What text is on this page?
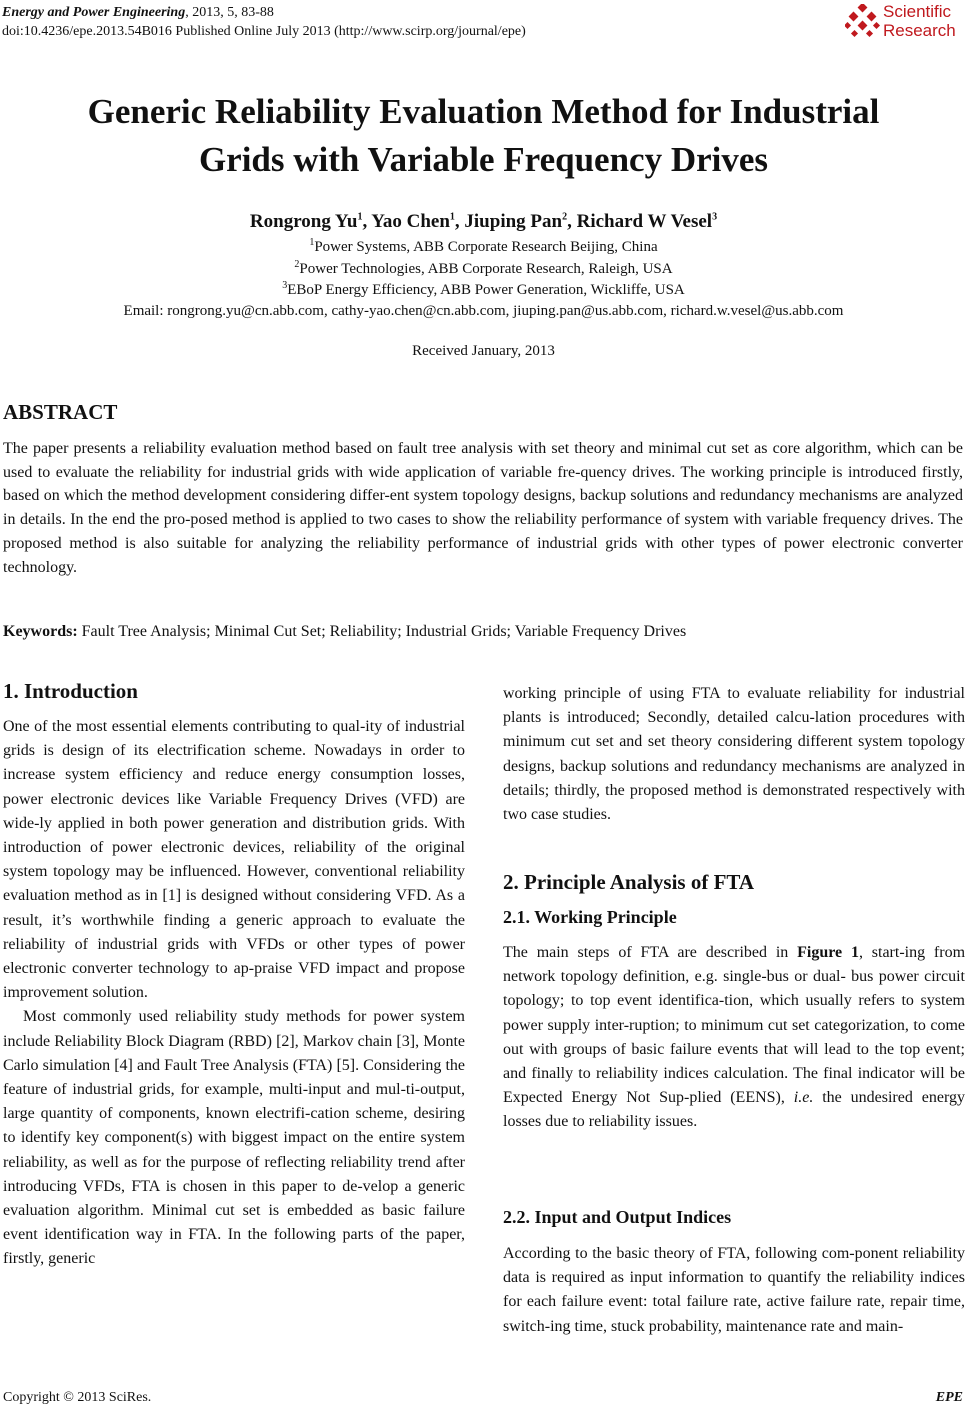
Energy and Power Engineering, 2013, 5, 83-88
doi:10.4236/epe.2013.54B016 Published Online July 2013 (http://www.scirp.org/journal/epe)
Scientific
Research
Generic Reliability Evaluation Method for Industrial
Grids with Variable Frequency Drives
Rongrong Yu$^1$, Yao Chen$^1$, Jiuping Pan$^2$, Richard W Vesel$^3$
$^1$Power Systems, ABB Corporate Research Beijing, China
$^2$Power Technologies, ABB Corporate Research, Raleigh, USA
$^3$EBoP Energy Efficiency, ABB Power Generation, Wickliffe, USA
Email: rongrong.yu@cn.abb.com, cathy-yao.chen@cn.abb.com, jiuping.pan@us.abb.com, richard.w.vesel@us.abb.com
Received January, 2013
ABSTRACT
The paper presents a reliability evaluation method based on fault tree analysis with set theory and minimal cut set as core algorithm, which can be used to evaluate the reliability for industrial grids with wide application of variable fre-quency drives. The working principle is introduced firstly, based on which the method development considering differ-ent system topology designs, backup solutions and redundancy mechanisms are analyzed in details. In the end the pro-posed method is applied to two cases to show the reliability performance of system with variable frequency drives. The proposed method is also suitable for analyzing the reliability performance of industrial grids with other types of power electronic converter technology.
Keywords: Fault Tree Analysis; Minimal Cut Set; Reliability; Industrial Grids; Variable Frequency Drives
1. Introduction

One of the most essential elements contributing to qual-ity of industrial grids is design of its electrification scheme. Nowadays in order to increase system efficiency and reduce energy consumption losses, power electronic devices like Variable Frequency Drives (VFD) are wide-ly applied in both power generation and distribution grids. With introduction of power electronic devices, reliability of the original system topology may be influenced. However, conventional reliability evaluation method as in [1] is designed without considering VFD. As a result, it’s worthwhile finding a generic approach to evaluate the reliability of industrial grids with VFDs or other types of power electronic converter technology to ap-praise VFD impact and propose improvement solution.

Most commonly used reliability study methods for power system include Reliability Block Diagram (RBD) [2], Markov chain [3], Monte Carlo simulation [4] and Fault Tree Analysis (FTA) [5]. Considering the feature of industrial grids, for example, multi-input and mul-ti-output, large quantity of components, known electrifi-cation scheme, desiring to identify key component(s) with biggest impact on the entire system reliability, as well as for the purpose of reflecting reliability trend after introducing VFDs, FTA is chosen in this paper to de-velop a generic evaluation algorithm. Minimal cut set is embedded as basic failure event identification way in FTA. In the following parts of the paper, firstly, generic

working principle of using FTA to evaluate reliability for industrial plants is introduced; Secondly, detailed calcu-lation procedures with minimum cut set and set theory considering different system topology designs, backup solutions and redundancy mechanisms are analyzed in details; thirdly, the proposed method is demonstrated respectively with two case studies.

2. Principle Analysis of FTA
2.1. Working Principle

The main steps of FTA are described in Figure 1, start-ing from network topology definition, e.g. single-bus or dual- bus power circuit topology; to top event identifica-tion, which usually refers to system power supply inter-ruption; to minimum cut set categorization, to come out with groups of basic failure events that will lead to the top event; and finally to reliability indices calculation. The final indicator will be Expected Energy Not Sup-plied (EENS), i.e. the undesired energy losses due to reliability issues.

2.2. Input and Output Indices

According to the basic theory of FTA, following com-ponent reliability data is required as input information to quantify the reliability indices for each failure event: total failure rate, active failure rate, repair time, switch-ing time, stuck probability, maintenance rate and main-

Copyright © 2013 SciRes.	EPE
